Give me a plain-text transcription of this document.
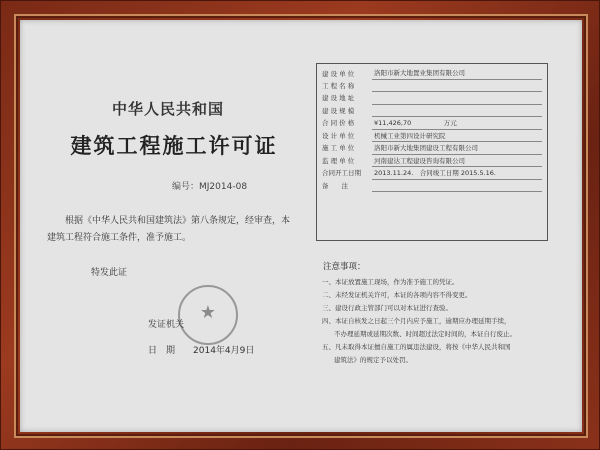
中华人民共和国
建筑工程施工许可证
编号：MJ2014-08
根据《中华人民共和国建筑法》第八条规定，经审查，本建筑工程符合施工条件，准予施工。
特发此证
★
发证机关
日　期　　 2014年4月9日
建 设 单 位	洛阳市新大地置业集团有限公司
工 程 名 称	
建 设 地 址	
建 设 规 模	
合 同 价 格	¥11,426,70　　　　　万元
设 计 单 位	机械工业第四设计研究院
施 工 单 位	洛阳市新大地集团建设工程有限公司
监 理 单 位	河南建达工程建设咨询有限公司
合同开工日期	2013.11.24.　合同竣工日期 2015.5.16.
备　　注	
注意事项：
一、本证放置施工现场，作为准予施工的凭证。
二、未经发证机关许可，本证的各项内容不得变更。
三、建设行政主管部门可以对本证进行查验。
四、本证自核发之日起三个月内应予施工，逾期应办理延期手续，
不办理延期或延期次数、时间超过法定时间的，本证自行废止。
五、凡未取得本证擅自施工的属违法建设，将按《中华人民共和国
建筑法》的规定予以处罚。
